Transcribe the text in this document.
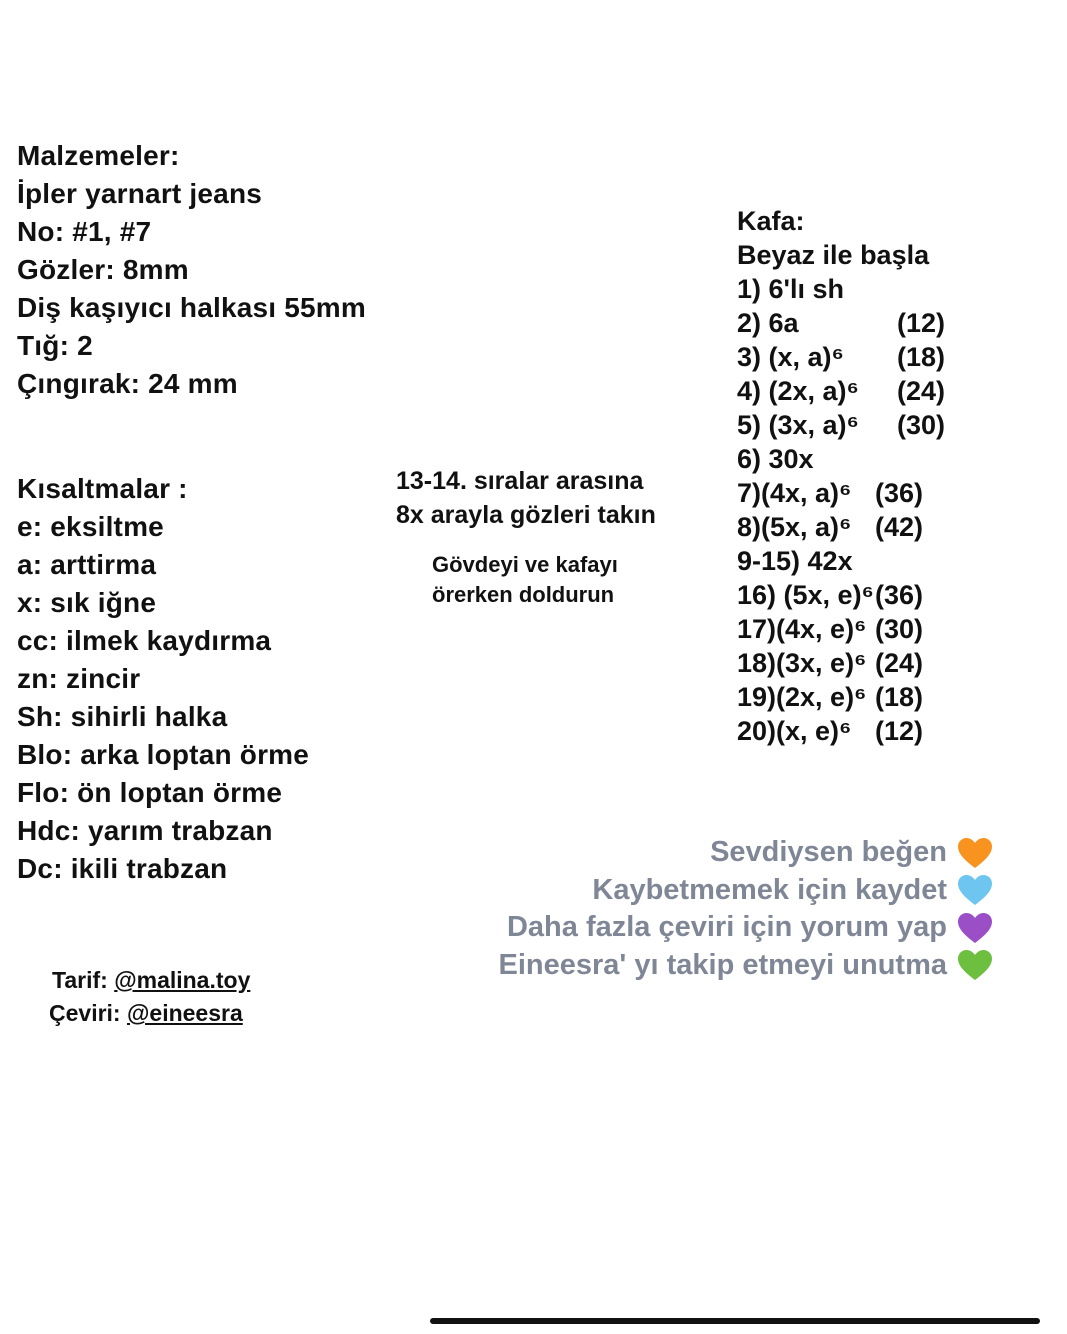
Malzemeler:
İpler yarnart jeans
No: #1, #7
Gözler: 8mm
Diş kaşıyıcı halkası 55mm
Tığ: 2
Çıngırak: 24 mm
Kısaltmalar :
e: eksiltme
a: arttirma
x: sık iğne
cc: ilmek kaydırma
zn: zincir
Sh: sihirli halka
Blo: arka loptan örme
Flo: ön loptan örme
Hdc: yarım trabzan
Dc: ikili trabzan
13-14. sıralar arasına
8x arayla gözleri takın
Gövdeyi ve kafayı
örerken doldurun
Kafa:
Beyaz ile başla
1) 6'lı sh
2) 6a	(12)
3) (x, a)⁶ (18)
4) (2x, a)⁶ (24)
5) (3x, a)⁶ (30)
6) 30x
7)(4x, a)⁶ (36)
8)(5x, a)⁶ (42)
9-15) 42x
16) (5x, e)⁶ (36)
17)(4x, e)⁶ (30)
18)(3x, e)⁶ (24)
19)(2x, e)⁶ (18)
20)(x, e)⁶ (12)
Tarif: @malina.toy
Çeviri: @eineesra
Sevdiysen beğen
Kaybetmemek için kaydet
Daha fazla çeviri için yorum yap
Eineesra' yı takip etmeyi unutma
